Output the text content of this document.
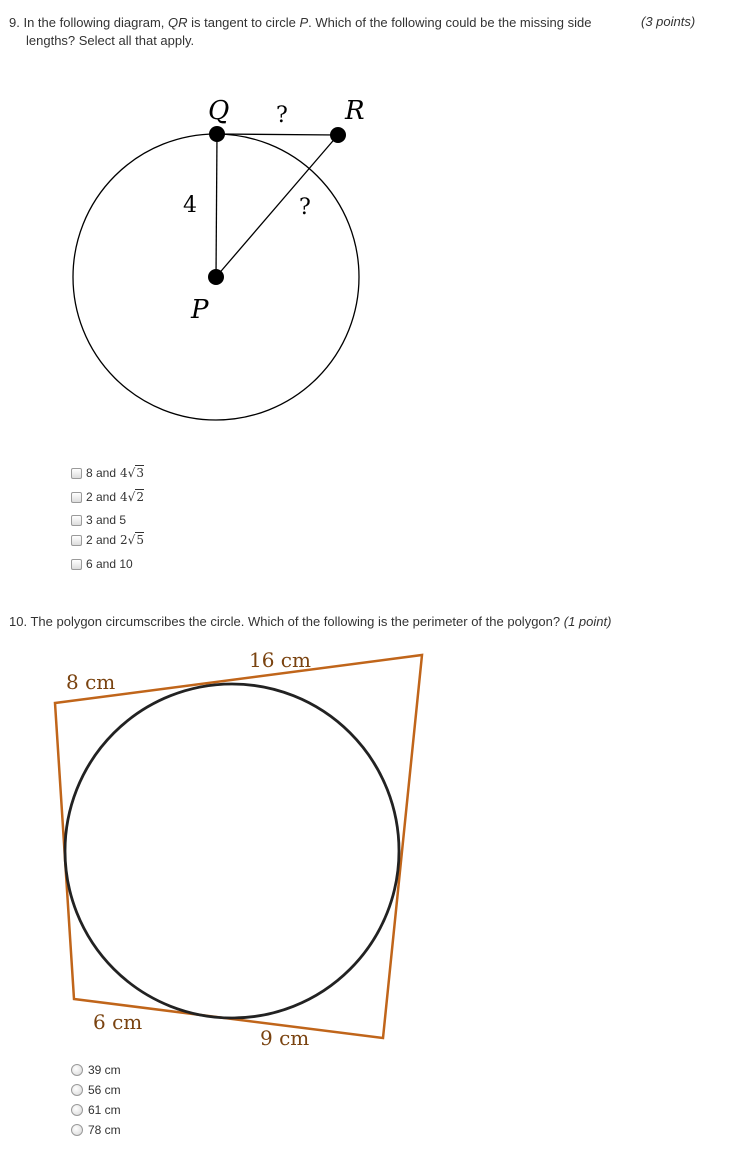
9. In the following diagram, QR is tangent to circle P. Which of the following could be the missing side
lengths? Select all that apply.
(3 points)
Q	R
P
4
?
?
8 and 4√3
2 and 4√2
3 and 5
2 and 2√5
6 and 10
10. The polygon circumscribes the circle. Which of the following is the perimeter of the polygon? (1 point)
8 cm
16 cm
6 cm
9 cm
39 cm
56 cm
61 cm
78 cm
